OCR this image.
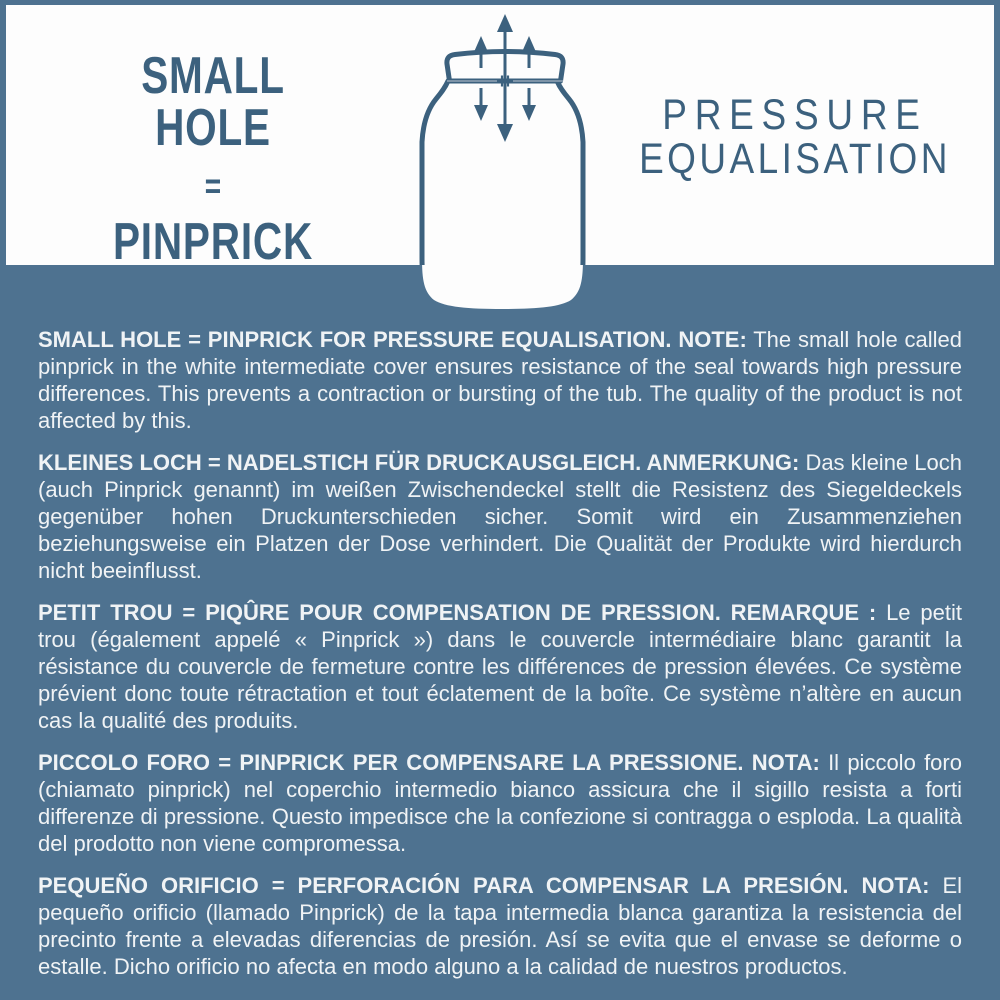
SMALL HOLE
=
PINPRICK
PRESSURE
EQUALISATION

SMALL HOLE = PINPRICK FOR PRESSURE EQUALISATION. NOTE: The small hole called pinprick in the white intermediate cover ensures resistance of the seal towards high pressure differences. This prevents a contraction or bursting of the tub. The quality of the product is not affected by this.

KLEINES LOCH = NADELSTICH FÜR DRUCKAUSGLEICH. ANMERKUNG: Das kleine Loch (auch Pinprick genannt) im weißen Zwischendeckel stellt die Resistenz des Siegeldeckels gegenüber hohen Druckunterschieden sicher. Somit wird ein Zusammenziehen beziehungsweise ein Platzen der Dose verhindert. Die Qualität der Produkte wird hierdurch nicht beeinflusst.

PETIT TROU = PIQÛRE POUR COMPENSATION DE PRESSION. REMARQUE : Le petit trou (également appelé « Pinprick ») dans le couvercle intermédiaire blanc garantit la résistance du couvercle de fermeture contre les différences de pression élevées. Ce système prévient donc toute rétractation et tout éclatement de la boîte. Ce système n’altère en aucun cas la qualité des produits.

PICCOLO FORO = PINPRICK PER COMPENSARE LA PRESSIONE. NOTA: Il piccolo foro (chiamato pinprick) nel coperchio intermedio bianco assicura che il sigillo resista a forti differenze di pressione. Questo impedisce che la confezione si contragga o esploda. La qualità del prodotto non viene compromessa.

PEQUEÑO ORIFICIO = PERFORACIÓN PARA COMPENSAR LA PRESIÓN. NOTA: El pequeño orificio (llamado Pinprick) de la tapa intermedia blanca garantiza la resistencia del precinto frente a elevadas diferencias de presión. Así se evita que el envase se deforme o estalle. Dicho orificio no afecta en modo alguno a la calidad de nuestros productos.
